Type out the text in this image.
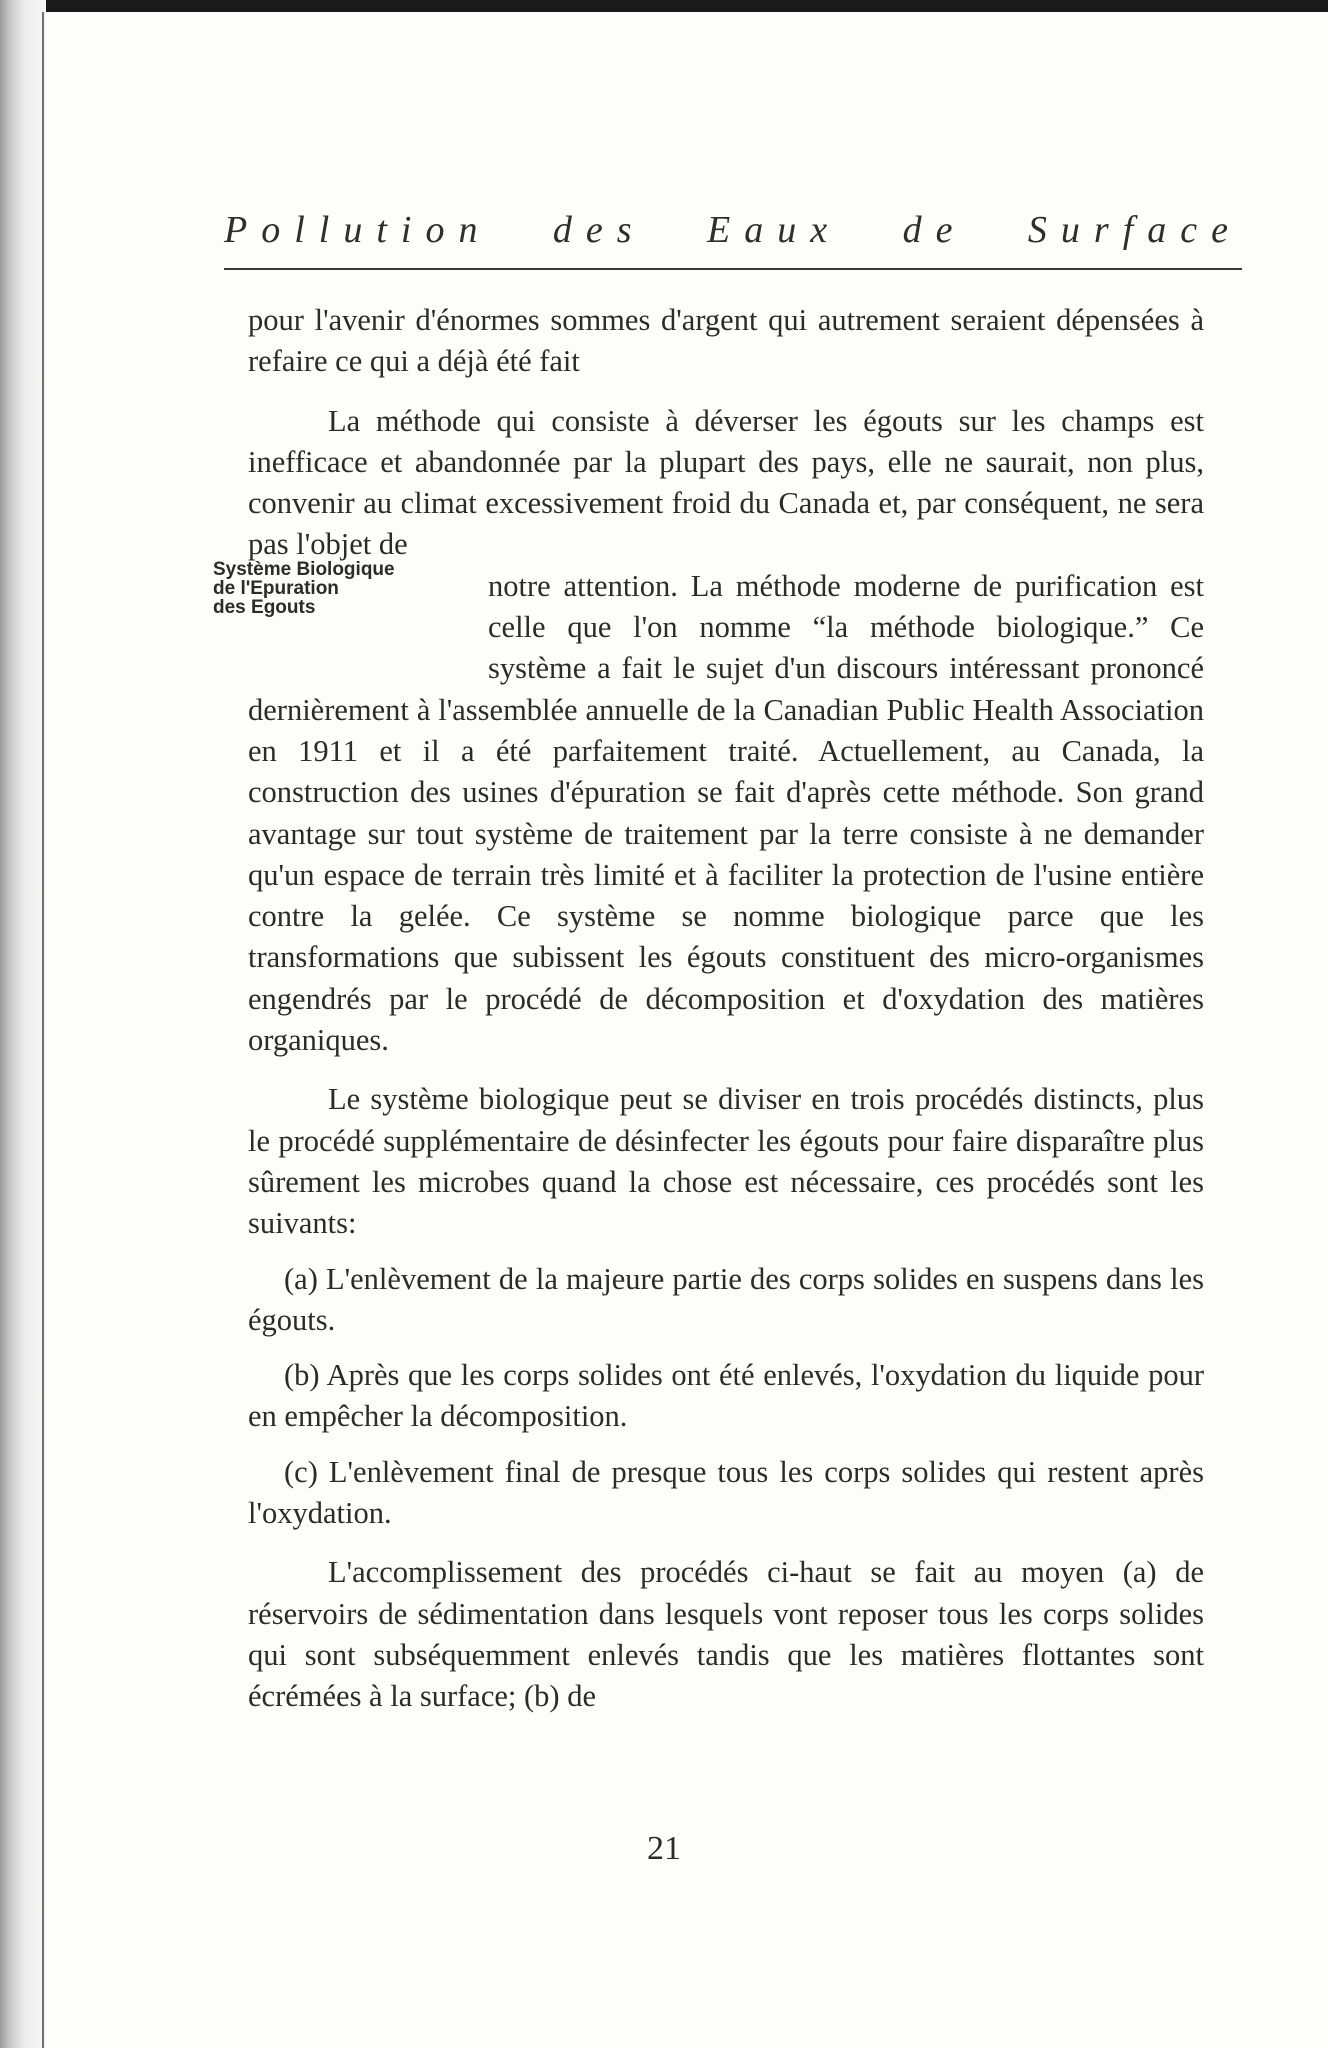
Pollution des Eaux de Surface
Système Biologique
de l'Epuration
des Egouts

pour l'avenir d'énormes sommes d'argent qui autrement seraient dépensées à refaire ce qui a déjà été fait

La méthode qui consiste à déverser les égouts sur les champs est inefficace et abandonnée par la plupart des pays, elle ne saurait, non plus, convenir au climat excessivement froid du Canada et, par conséquent, ne sera pas l'objet de

notre attention. La méthode moderne de purification est celle que l'on nomme “la méthode biologique.” Ce système a fait le sujet d'un discours intéressant prononcé dernièrement à l'assemblée annuelle de la Canadian Public Health Association en 1911 et il a été parfaitement traité. Actuellement, au Canada, la construction des usines d'épuration se fait d'après cette méthode. Son grand avantage sur tout système de traitement par la terre consiste à ne demander qu'un espace de terrain très limité et à faciliter la protection de l'usine entière contre la gelée. Ce système se nomme biologique parce que les transformations que subissent les égouts constituent des micro-organismes engendrés par le procédé de décomposition et d'oxydation des matières organiques.

Le système biologique peut se diviser en trois procédés distincts, plus le procédé supplémentaire de désinfecter les égouts pour faire disparaître plus sûrement les microbes quand la chose est nécessaire, ces procédés sont les suivants:

(a) L'enlèvement de la majeure partie des corps solides en suspens dans les égouts.

(b) Après que les corps solides ont été enlevés, l'oxydation du liquide pour en empêcher la décomposition.

(c) L'enlèvement final de presque tous les corps solides qui restent après l'oxydation.

L'accomplissement des procédés ci-haut se fait au moyen (a) de réservoirs de sédimentation dans lesquels vont reposer tous les corps solides qui sont subséquemment enlevés tandis que les matières flottantes sont écrémées à la surface; (b) de

21
